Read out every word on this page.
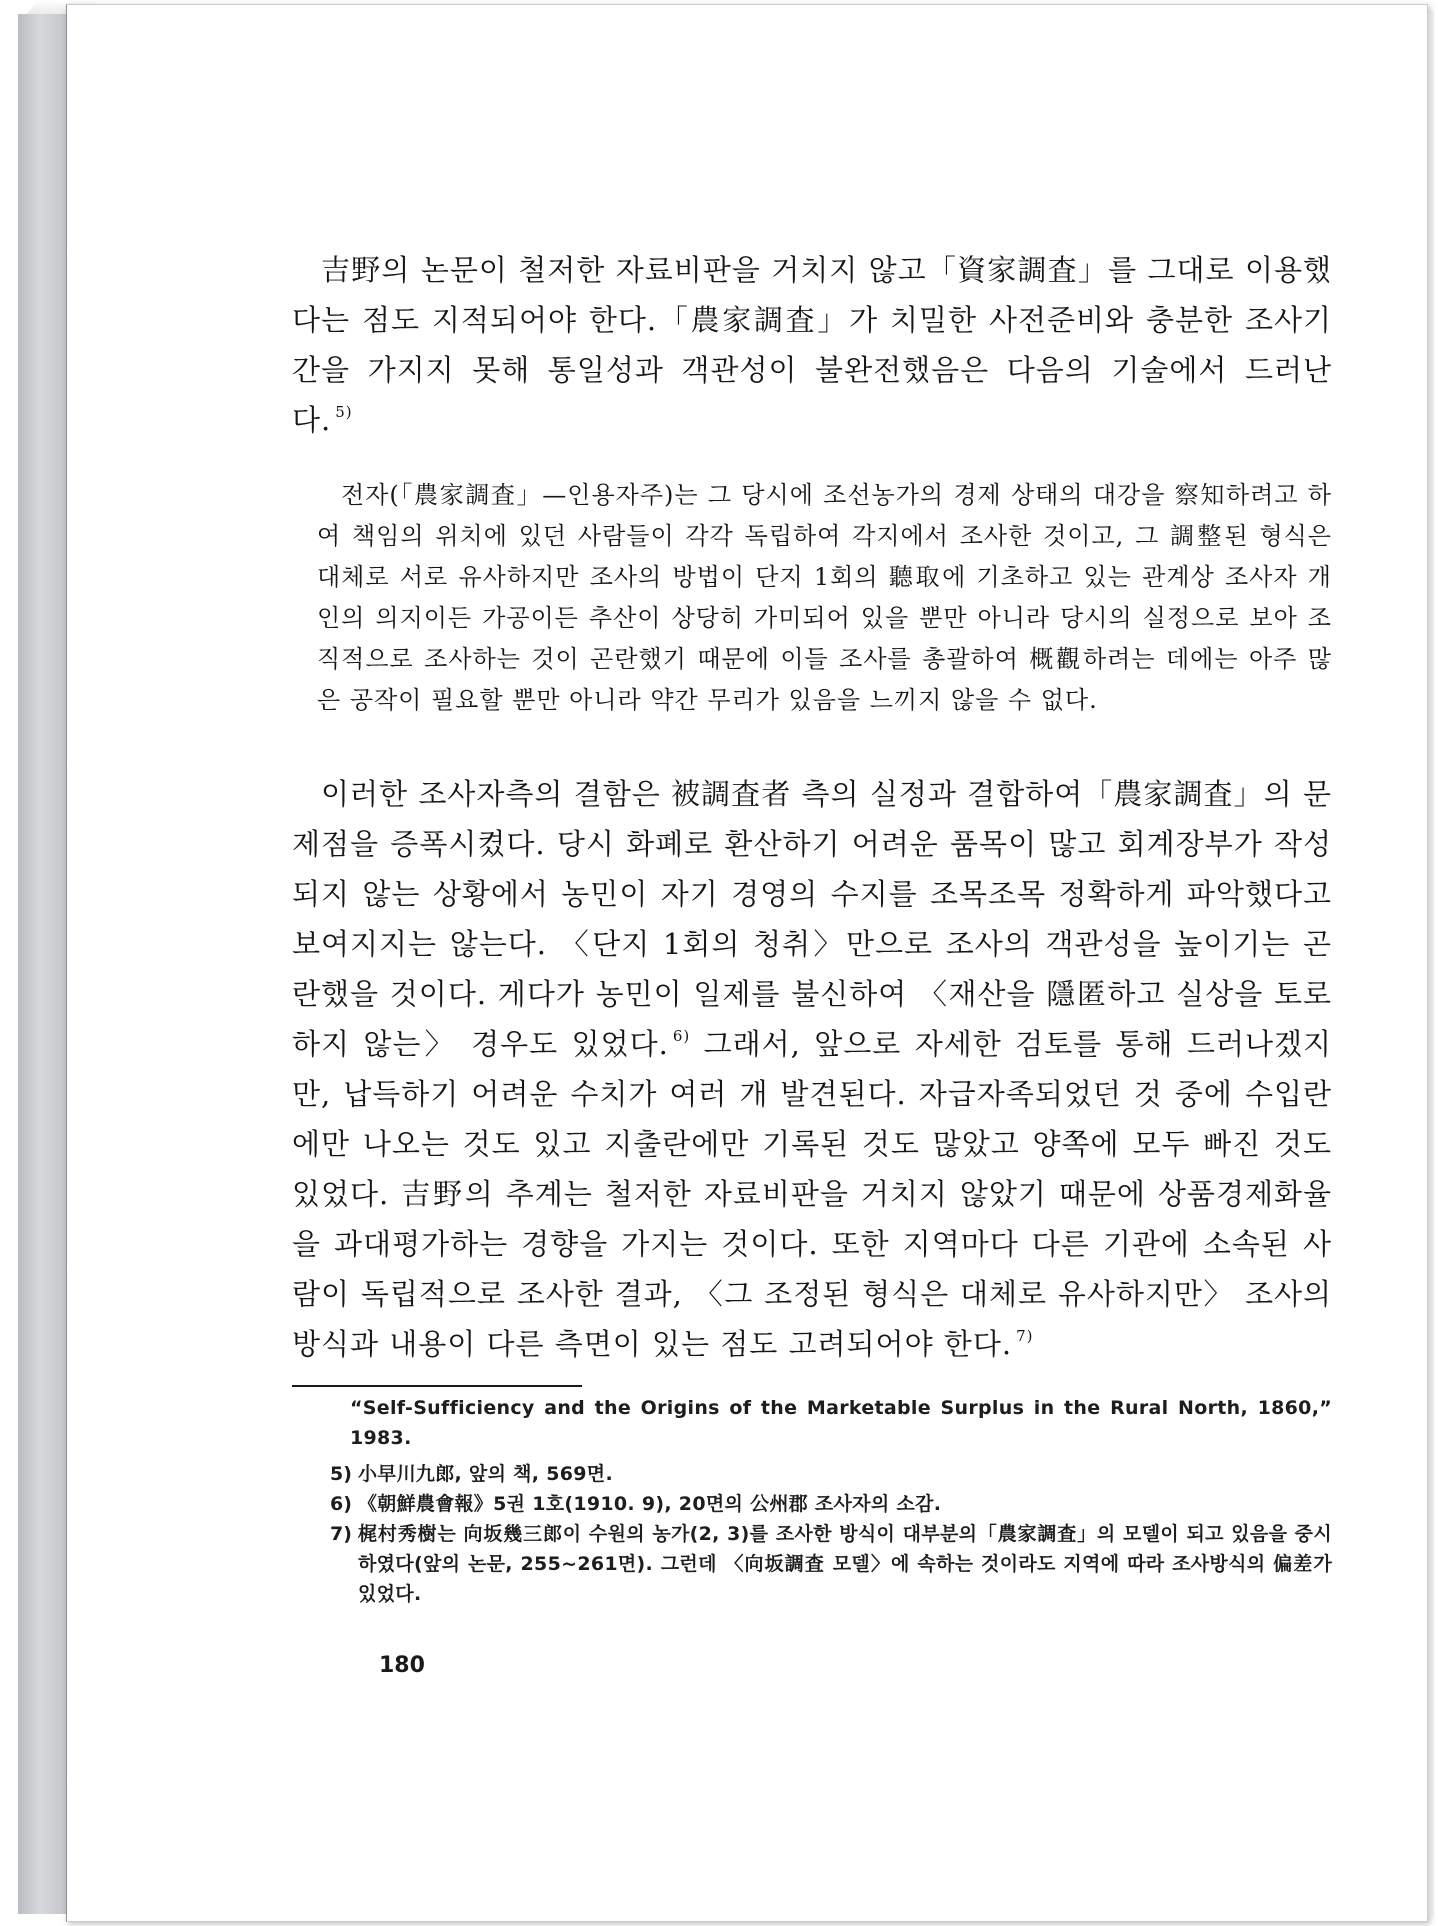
吉野의 논문이 철저한 자료비판을 거치지 않고「資家調査」를 그대로 이용했다는 점도 지적되어야 한다.「農家調査」가 치밀한 사전준비와 충분한 조사기간을 가지지 못해 통일성과 객관성이 불완전했음은 다음의 기술에서 드러난다. $^{5)}$

전자(「農家調査」—인용자주)는 그 당시에 조선농가의 경제 상태의 대강을 察知하려고 하여 책임의 위치에 있던 사람들이 각각 독립하여 각지에서 조사한 것이고, 그 調整된 형식은 대체로 서로 유사하지만 조사의 방법이 단지 1회의 聽取에 기초하고 있는 관계상 조사자 개인의 의지이든 가공이든 추산이 상당히 가미되어 있을 뿐만 아니라 당시의 실정으로 보아 조직적으로 조사하는 것이 곤란했기 때문에 이들 조사를 총괄하여 概觀하려는 데에는 아주 많은 공작이 필요할 뿐만 아니라 약간 무리가 있음을 느끼지 않을 수 없다.

이러한 조사자측의 결함은 被調査者 측의 실정과 결합하여「農家調査」의 문제점을 증폭시켰다. 당시 화폐로 환산하기 어려운 품목이 많고 회계장부가 작성되지 않는 상황에서 농민이 자기 경영의 수지를 조목조목 정확하게 파악했다고 보여지지는 않는다. 〈단지 1회의 청취〉만으로 조사의 객관성을 높이기는 곤란했을 것이다. 게다가 농민이 일제를 불신하여 〈재산을 隱匿하고 실상을 토로하지 않는〉 경우도 있었다. $^{6)}$ 그래서, 앞으로 자세한 검토를 통해 드러나겠지만, 납득하기 어려운 수치가 여러 개 발견된다. 자급자족되었던 것 중에 수입란에만 나오는 것도 있고 지출란에만 기록된 것도 많았고 양쪽에 모두 빠진 것도 있었다. 吉野의 추계는 철저한 자료비판을 거치지 않았기 때문에 상품경제화율을 과대평가하는 경향을 가지는 것이다. 또한 지역마다 다른 기관에 소속된 사람이 독립적으로 조사한 결과, 〈그 조정된 형식은 대체로 유사하지만〉 조사의 방식과 내용이 다른 측면이 있는 점도 고려되어야 한다. $^{7)}$

“Self-Sufficiency and the Origins of the Marketable Surplus in the Rural North, 1860,” 1983.
5) 小早川九郎, 앞의 책, 569면.
6) 《朝鮮農會報》5권 1호(1910. 9), 20면의 公州郡 조사자의 소감.
7) 梶村秀樹는 向坂幾三郎이 수원의 농가(2, 3)를 조사한 방식이 대부분의「農家調査」의 모델이 되고 있음을 중시하였다(앞의 논문, 255~261면). 그런데 〈向坂調査 모델〉에 속하는 것이라도 지역에 따라 조사방식의 偏差가 있었다.
180
